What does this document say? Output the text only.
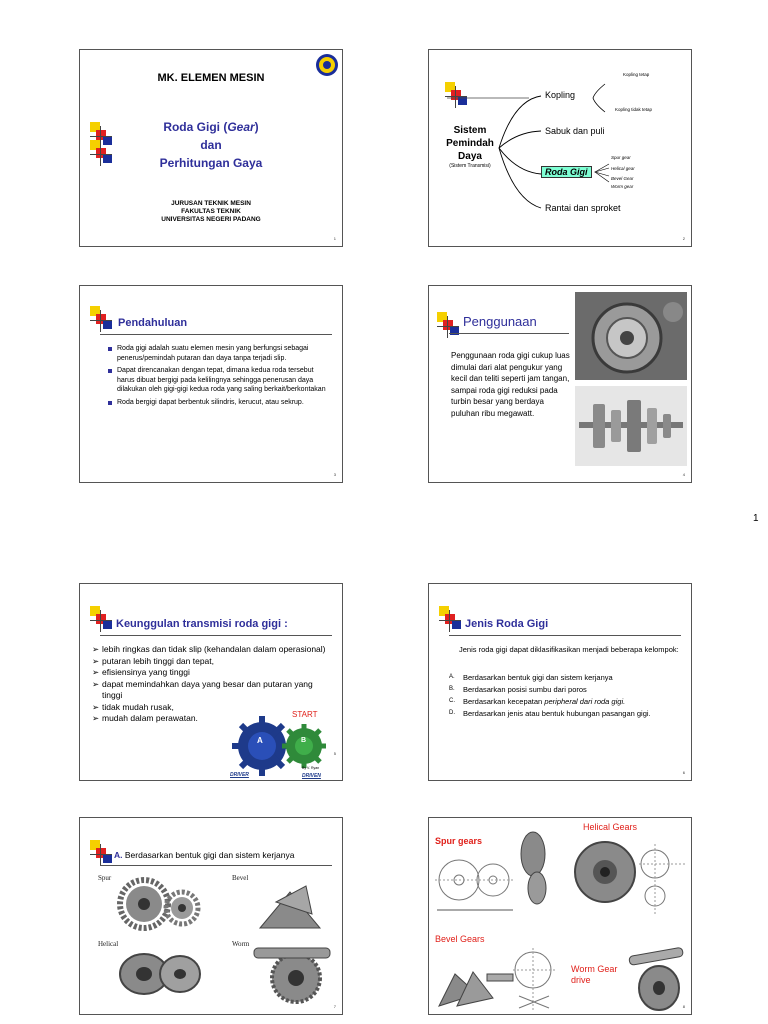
MK. ELEMEN MESIN
Roda Gigi (Gear)
dan
Perhitungan Gaya
JURUSAN TEKNIK MESIN
FAKULTAS TEKNIK
UNIVERSITAS NEGERI PADANG
1
Sistem
Pemindah
Daya
(Sistem Transmisi)
Kopling
Kopling tetap
Kopling tidak tetap
Sabuk dan puli
Roda Gigi
Spur gear
Helical gear
Bevel Gear
Worm gear
Rantai dan sproket
2
Pendahuluan
Roda gigi adalah suatu elemen mesin yang berfungsi sebagai penerus/pemindah putaran dan daya tanpa terjadi slip.
Dapat direncanakan dengan tepat, dimana kedua roda tersebut harus dibuat bergigi pada kelilingnya sehingga penerusan daya dilakukan oleh gigi-gigi kedua roda yang saling berkait/berkontakan
Roda bergigi dapat berbentuk silindris, kerucut, atau sekrup.
3
Penggunaan
Penggunaan roda gigi cukup luas dimulai dari alat pengukur yang kecil dan teliti seperti jam tangan, sampai roda gigi reduksi pada turbin besar yang berdaya puluhan ribu megawatt.
4
1
Keunggulan transmisi roda gigi :
➢ lebih ringkas dan tidak slip (kehandalan dalam operasional)
➢ putaran lebih tinggi dan tepat,
➢ efisiensinya yang tinggi
➢ dapat memindahkan daya yang besar dan putaran yang tinggi
➢ tidak mudah rusak,
➢ mudah dalam perawatan.
A	B
START
DRIVER	DRIVEN
By V. Ryan
5
Jenis Roda Gigi
Jenis roda gigi dapat diklasifikasikan menjadi beberapa kelompok:
A. Berdasarkan bentuk gigi dan sistem kerjanya
B. Berdasarkan posisi sumbu dari poros
C. Berdasarkan kecepatan peripheral dari roda gigi.
D. Berdasarkan jenis atau bentuk hubungan pasangan gigi.
6
A. Berdasarkan bentuk gigi dan sistem kerjanya
Spur	Bevel
Helical	Worm
7
Spur gears
Helical Gears
Bevel Gears
Worm Gear
drive
8
